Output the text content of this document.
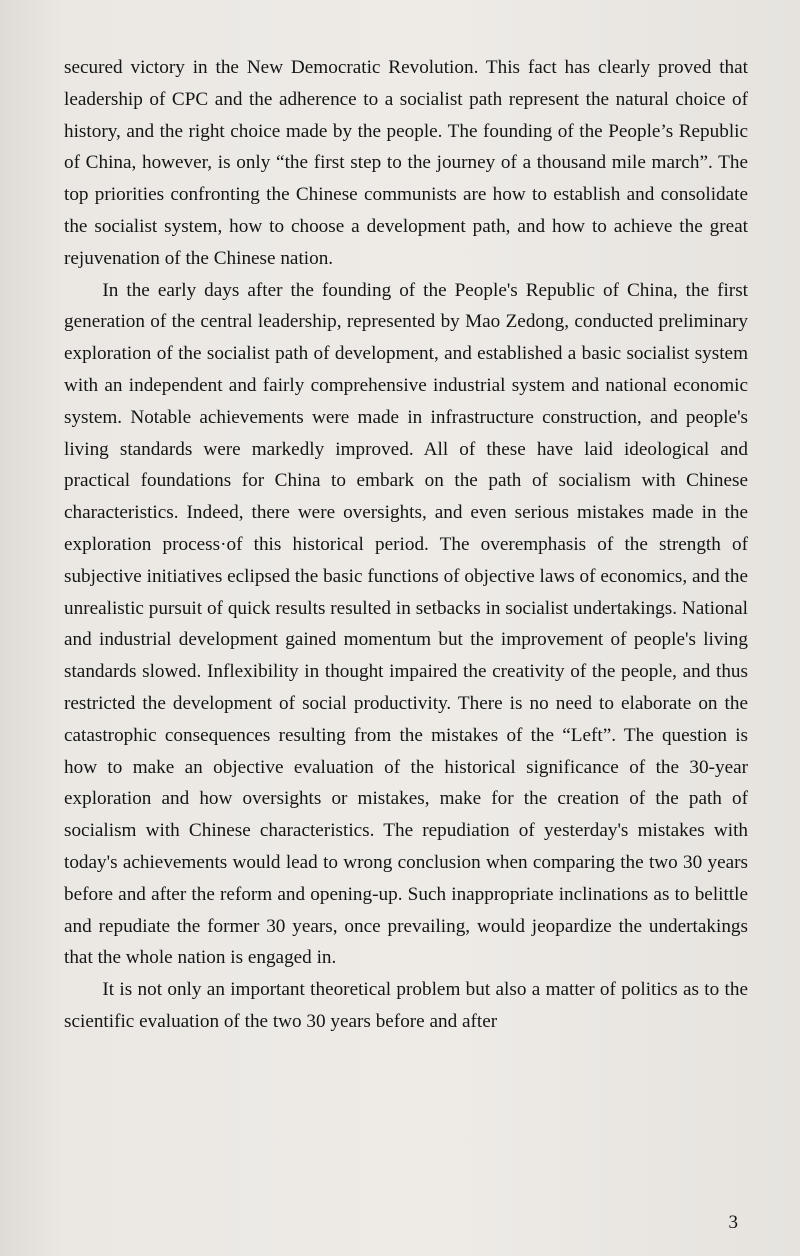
secured victory in the New Democratic Revolution. This fact has clearly proved that leadership of CPC and the adherence to a socialist path represent the natural choice of history, and the right choice made by the people. The founding of the People’s Republic of China, however, is only “the first step to the journey of a thousand mile march”. The top priorities confronting the Chinese communists are how to establish and consolidate the socialist system, how to choose a development path, and how to achieve the great rejuvenation of the Chinese nation.

In the early days after the founding of the People's Republic of China, the first generation of the central leadership, represented by Mao Zedong, conducted preliminary exploration of the socialist path of development, and established a basic socialist system with an independent and fairly comprehensive industrial system and national economic system. Notable achievements were made in infrastructure construction, and people's living standards were markedly improved. All of these have laid ideological and practical foundations for China to embark on the path of socialism with Chinese characteristics. Indeed, there were oversights, and even serious mistakes made in the exploration process·of this historical period. The overemphasis of the strength of subjective initiatives eclipsed the basic functions of objective laws of economics, and the unrealistic pursuit of quick results resulted in setbacks in socialist undertakings. National and industrial development gained momentum but the improvement of people's living standards slowed. Inflexibility in thought impaired the creativity of the people, and thus restricted the development of social productivity. There is no need to elaborate on the catastrophic consequences resulting from the mistakes of the “Left”. The question is how to make an objective evaluation of the historical significance of the 30-year exploration and how oversights or mistakes, make for the creation of the path of socialism with Chinese characteristics. The repudiation of yesterday's mistakes with today's achievements would lead to wrong conclusion when comparing the two 30 years before and after the reform and opening-up. Such inappropriate inclinations as to belittle and repudiate the former 30 years, once prevailing, would jeopardize the undertakings that the whole nation is engaged in.

It is not only an important theoretical problem but also a matter of politics as to the scientific evaluation of the two 30 years before and after

3
